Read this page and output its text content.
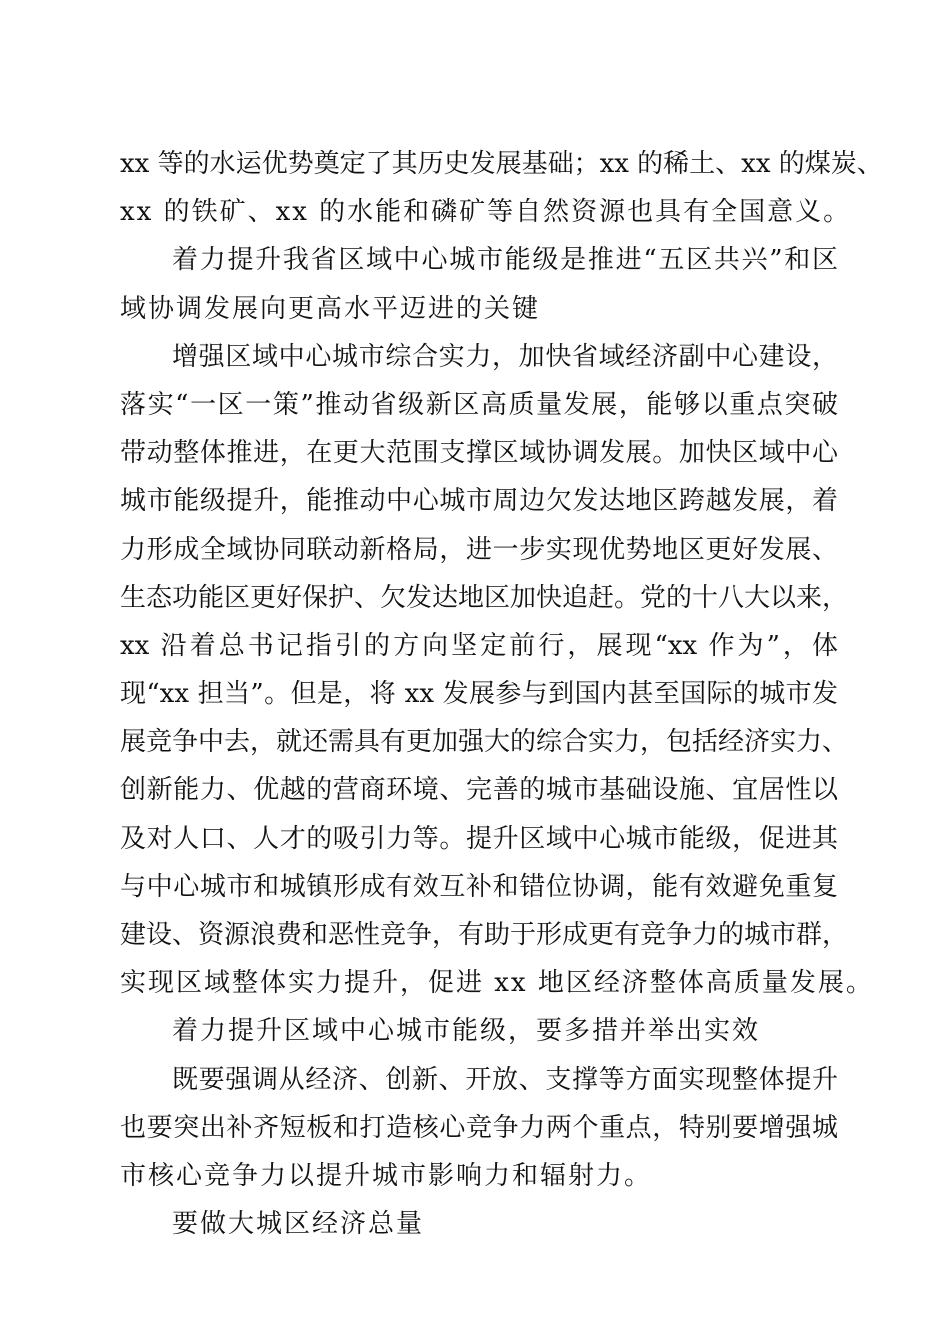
xx 等的水运优势奠定了其历史发展基础；xx 的稀土、xx 的煤炭、
xx 的铁矿、xx 的水能和磷矿等自然资源也具有全国意义。
着力提升我省区域中心城市能级是推进“五区共兴”和区
域协调发展向更高水平迈进的关键
增强区域中心城市综合实力，加快省域经济副中心建设，
落实“一区一策”推动省级新区高质量发展，能够以重点突破
带动整体推进，在更大范围支撑区域协调发展。加快区域中心
城市能级提升，能推动中心城市周边欠发达地区跨越发展，着
力形成全域协同联动新格局，进一步实现优势地区更好发展、
生态功能区更好保护、欠发达地区加快追赶。党的十八大以来，
xx 沿着总书记指引的方向坚定前行，展现“xx 作为”，体
现“xx 担当”。但是，将 xx 发展参与到国内甚至国际的城市发
展竞争中去，就还需具有更加强大的综合实力，包括经济实力、
创新能力、优越的营商环境、完善的城市基础设施、宜居性以
及对人口、人才的吸引力等。提升区域中心城市能级，促进其
与中心城市和城镇形成有效互补和错位协调，能有效避免重复
建设、资源浪费和恶性竞争，有助于形成更有竞争力的城市群，
实现区域整体实力提升，促进 xx 地区经济整体高质量发展。
着力提升区域中心城市能级，要多措并举出实效
既要强调从经济、创新、开放、支撑等方面实现整体提升
也要突出补齐短板和打造核心竞争力两个重点，特别要增强城
市核心竞争力以提升城市影响力和辐射力。
要做大城区经济总量
